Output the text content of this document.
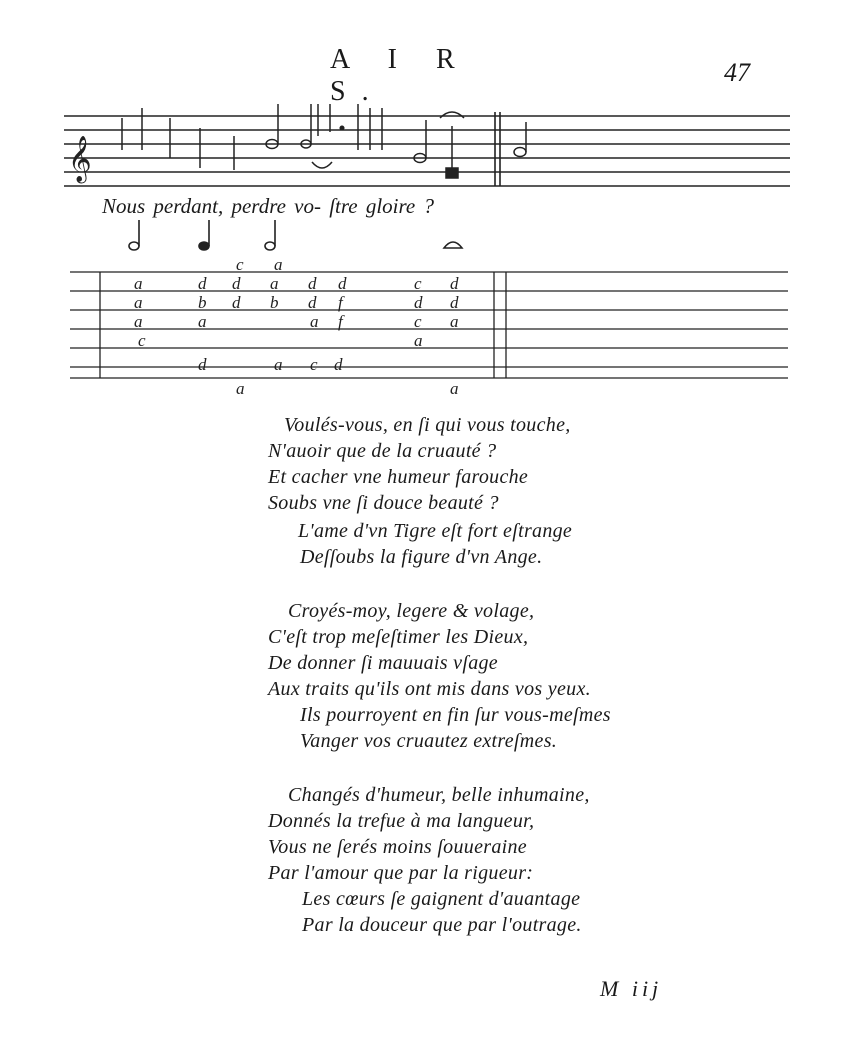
A I R S.
47
𝄞
c a
a	d d a d d	c d
a	b d b d f	d d
a	a	a f	c a
c	a
d	a c d
a	a
Nous perdant, perdre vo- ſtre gloire ?
Voulés-vous, en ſi qui vous touche,
N'auoir que de la cruauté ?
Et cacher vne humeur farouche
Soubs vne ſi douce beauté ?
L'ame d'vn Tigre eſt fort eſtrange
Deſſoubs la figure d'vn Ange.
Croyés-moy, legere & volage,
C'eſt trop meſeſtimer les Dieux,
De donner ſi mauuais vſage
Aux traits qu'ils ont mis dans vos yeux.
Ils pourroyent en fin ſur vous-meſmes
Vanger vos cruautez extreſmes.
Changés d'humeur, belle inhumaine,
Donnés la trefue à ma langueur,
Vous ne ſerés moins ſouueraine
Par l'amour que par la rigueur:
Les cœurs ſe gaignent d'auantage
Par la douceur que par l'outrage.
M iij
